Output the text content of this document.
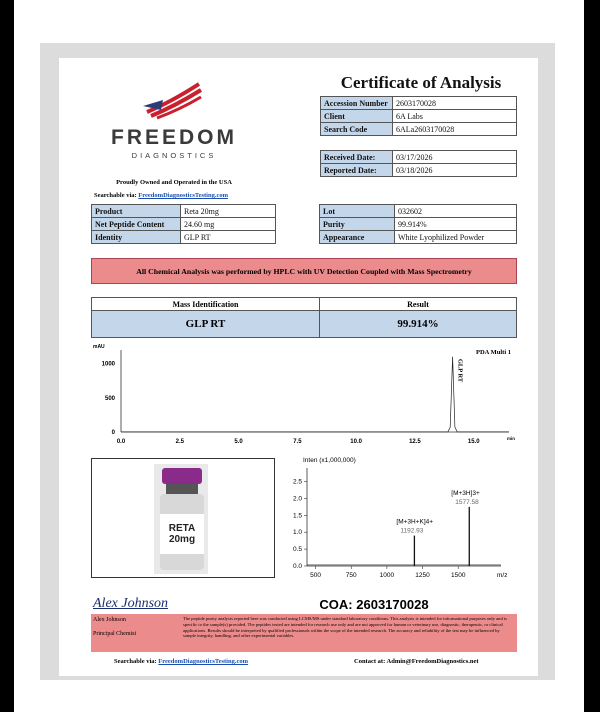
FREEDOM
DIAGNOSTICS
Proudly Owned and Operated in the USA
Searchable via: FreedomDiagnosticsTesting.com
Certificate of Analysis
Accession Number	2603170028
Client	6A Labs
Search Code	6ALa2603170028
Received Date:	03/17/2026
Reported Date:	03/18/2026
Product	Reta 20mg
Net Peptide Content	24.60 mg
Identity	GLP RT
Lot	032602
Purity	99.914%
Appearance	White Lyophilized Powder
All Chemical Analysis was performed by HPLC with UV Detection Coupled with Mass Spectrometry
Mass Identification	Result
GLP RT	99.914%
mAU
1000
500
0
0.0	2.5	5.0	7.5	10.0	12.5	15.0
min
PDA Multi 1
GLP RT
RETA
20mg
Inten (x1,000,000)
2.5
2.0
1.5
1.0
0.5
0.0
500	750	1000	1250	1500	m/z
[M+3H+K]4+
1192.93
[M+3H]3+
1577.58
Alex Johnson	COA: 2603170028
Alex Johnson
Principal Chemist
The peptide purity analysis reported here was conducted using LCMS/MS under standard laboratory conditions. This analysis is intended for informational purposes only and is specific to the sample(s) provided. The peptides tested are intended for research use only and are not approved for human or veterinary use, diagnostic, therapeutic, or clinical applications. Results should be interpreted by qualified professionals within the scope of the intended research. The accuracy and reliability of the test may be influenced by sample integrity, handling, and other experimental variables.
Searchable via: FreedomDiagnosticsTesting.com	Contact at: Admin@FreedomDiagnostics.net
